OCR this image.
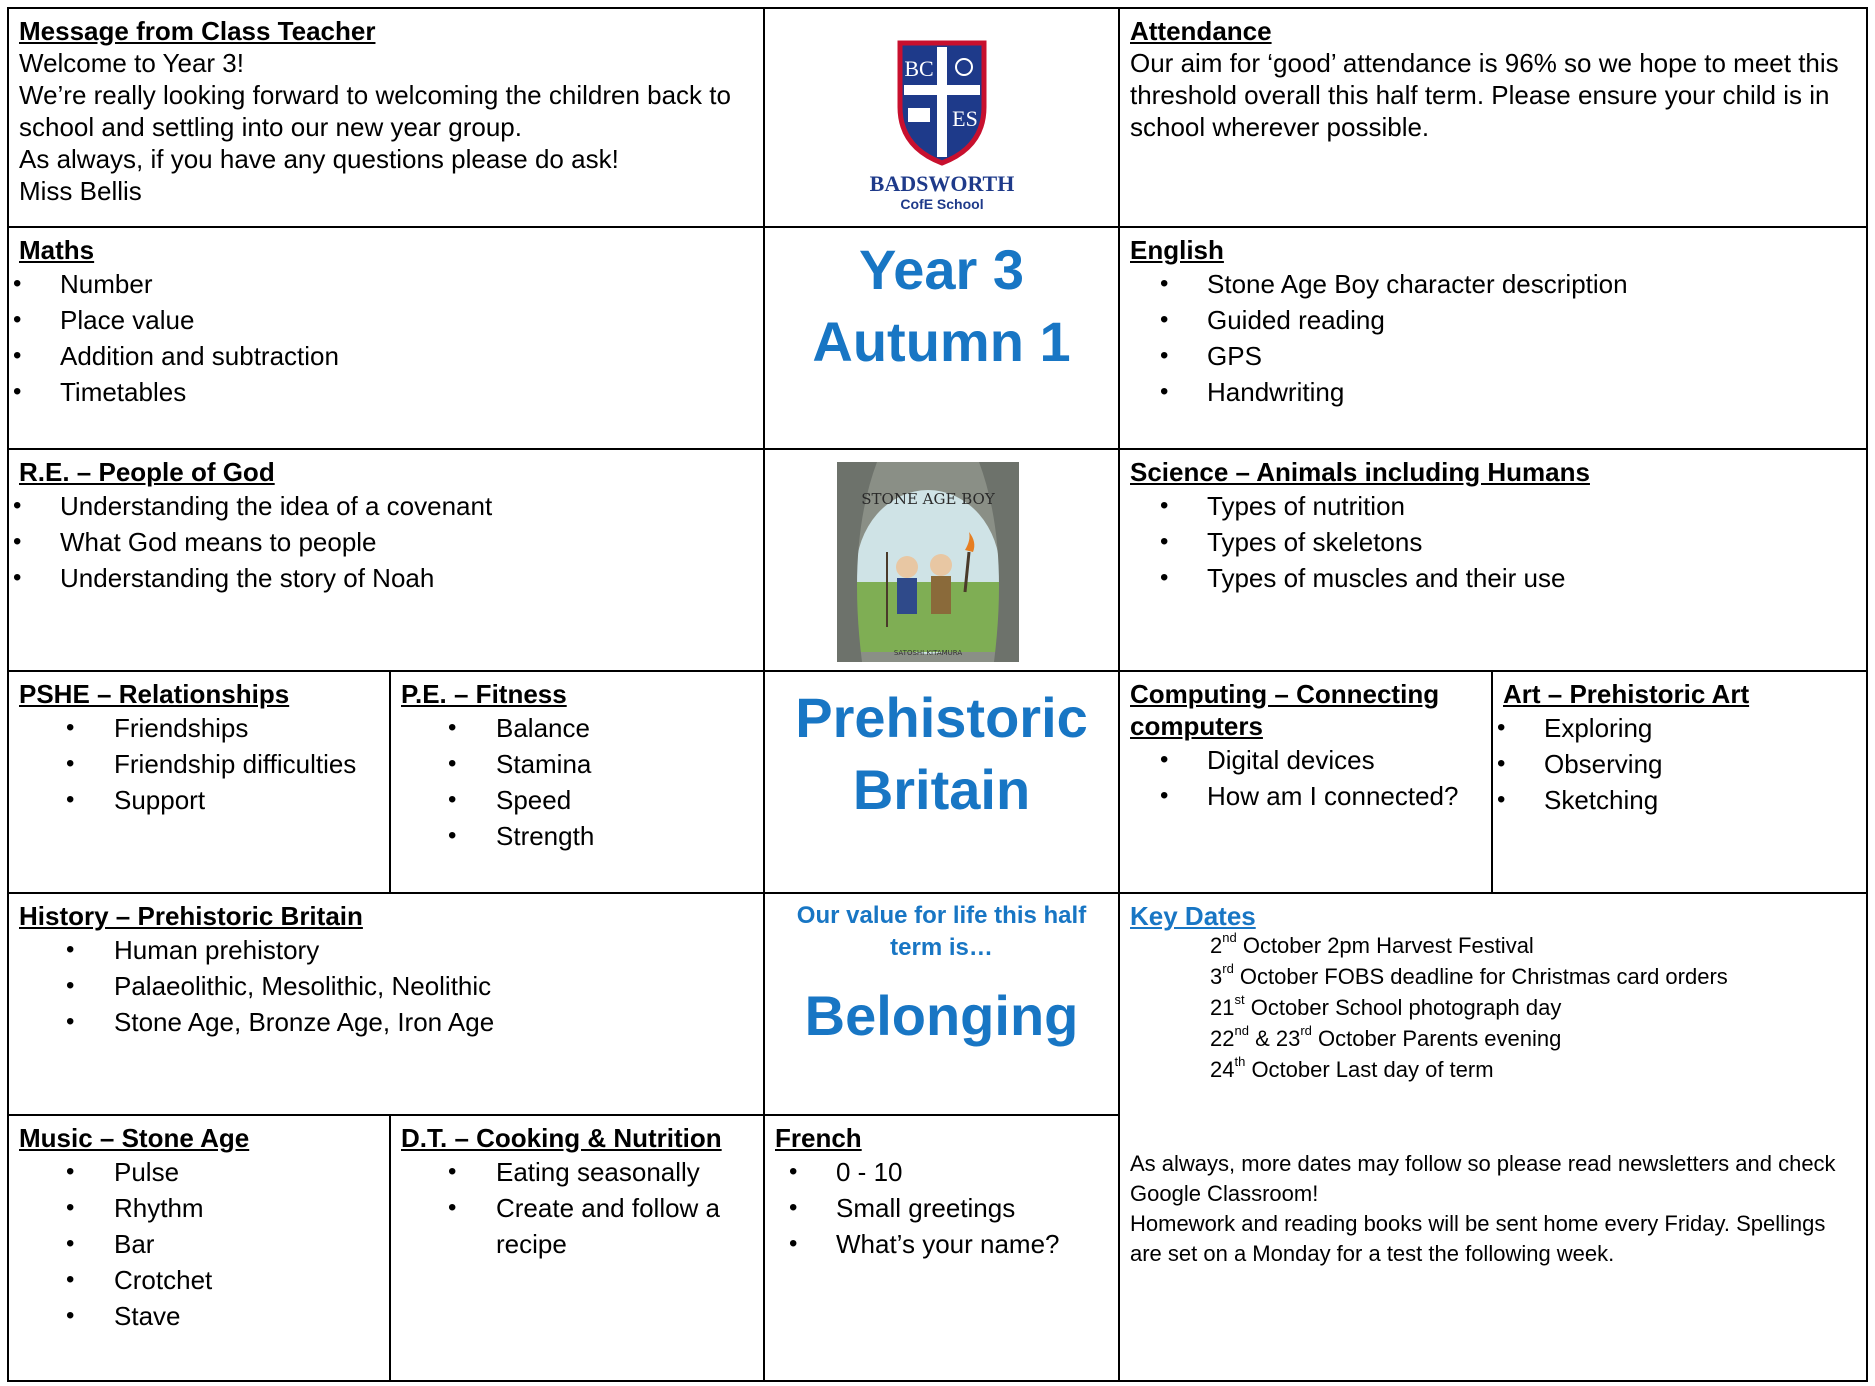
Message from Class Teacher
Welcome to Year 3!
We’re really looking forward to welcoming the children back to
school and settling into our new year group.
As always, if you have any questions please do ask!
Miss Bellis
BC
ES
BADSWORTH
CofE School
Attendance
Our aim for ‘good’ attendance is 96% so we hope to meet this
threshold overall this half term. Please ensure your child is in
school wherever possible.
Maths
• Number
• Place value
• Addition and subtraction
• Timetables
Year 3
Autumn 1
English
• Stone Age Boy character description
• Guided reading
• GPS
• Handwriting
R.E. – People of God
• Understanding the idea of a covenant
• What God means to people
• Understanding the story of Noah
STONE AGE BOY
SATOSHI KITAMURA
Science – Animals including Humans
• Types of nutrition
• Types of skeletons
• Types of muscles and their use
PSHE – Relationships
• Friendships
• Friendship difficulties
• Support
P.E. – Fitness
• Balance
• Stamina
• Speed
• Strength
Prehistoric
Britain
Computing – Connecting
computers
• Digital devices
• How am I connected?
Art – Prehistoric Art
• Exploring
• Observing
• Sketching
History – Prehistoric Britain
• Human prehistory
• Palaeolithic, Mesolithic, Neolithic
• Stone Age, Bronze Age, Iron Age
Our value for life this half
term is…
Belonging
Key Dates
2nd October 2pm Harvest Festival
3rd October FOBS deadline for Christmas card orders
21st October School photograph day
22nd & 23rd October Parents evening
24th October Last day of term
As always, more dates may follow so please read newsletters and check
Google Classroom!
Homework and reading books will be sent home every Friday. Spellings
are set on a Monday for a test the following week.
Music – Stone Age
• Pulse
• Rhythm
• Bar
• Crotchet
• Stave
D.T. – Cooking & Nutrition
• Eating seasonally
• Create and follow a
recipe
French
• 0 - 10
• Small greetings
• What’s your name?
